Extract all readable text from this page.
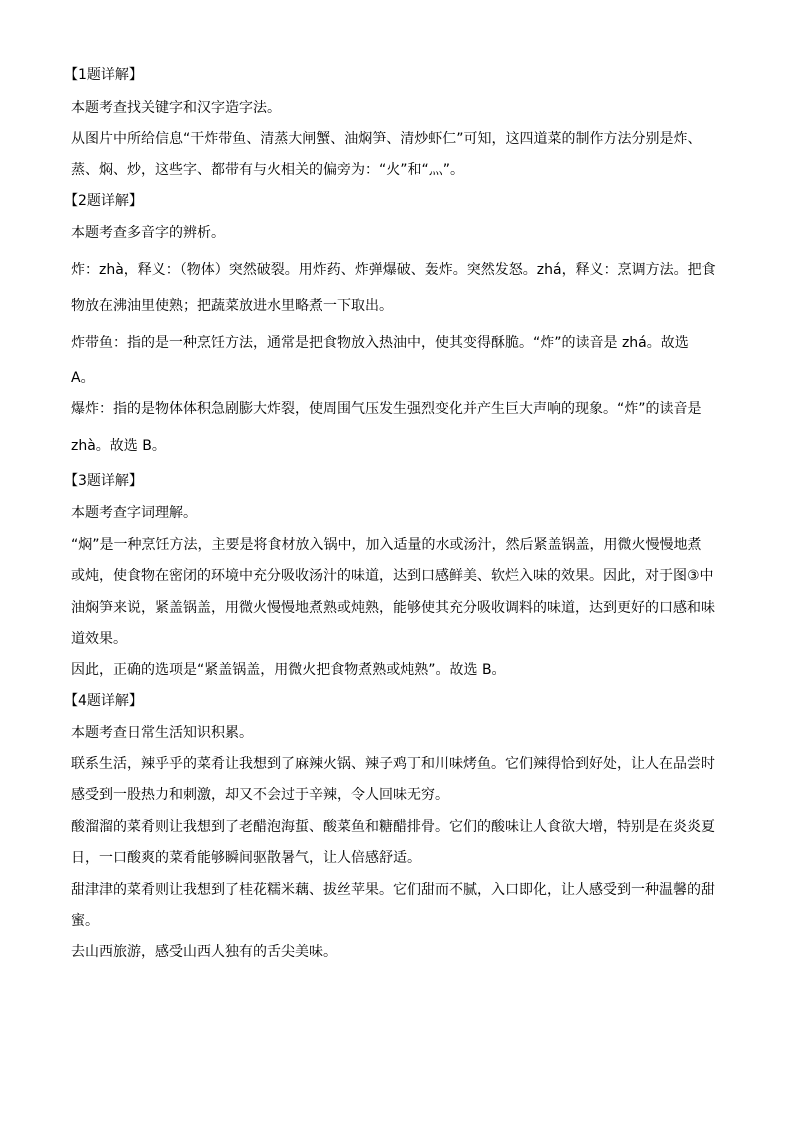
【1题详解】
本题考查找关键字和汉字造字法。
从图片中所给信息“干炸带鱼、清蒸大闸蟹、油焖笋、清炒虾仁”可知，这四道菜的制作方法分别是炸、
蒸、焖、炒，这些字、都带有与火相关的偏旁为：“火”和“灬”。
【2题详解】
本题考查多音字的辨析。
炸：zhà，释义：（物体）突然破裂。用炸药、炸弹爆破、轰炸。突然发怒。zhá，释义：烹调方法。把食
物放在沸油里使熟；把蔬菜放进水里略煮一下取出。
炸带鱼：指的是一种烹饪方法，通常是把食物放入热油中，使其变得酥脆。“炸”的读音是 zhá。故选
A。
爆炸：指的是物体体积急剧膨大炸裂，使周围气压发生强烈变化并产生巨大声响的现象。“炸”的读音是
zhà。故选 B。
【3题详解】
本题考查字词理解。
“焖”是一种烹饪方法，主要是将食材放入锅中，加入适量的水或汤汁，然后紧盖锅盖，用微火慢慢地煮
或炖，使食物在密闭的环境中充分吸收汤汁的味道，达到口感鲜美、软烂入味的效果。因此，对于图③中
油焖笋来说，紧盖锅盖，用微火慢慢地煮熟或炖熟，能够使其充分吸收调料的味道，达到更好的口感和味
道效果。
因此，正确的选项是“紧盖锅盖，用微火把食物煮熟或炖熟”。故选 B。
【4题详解】
本题考查日常生活知识积累。
联系生活，辣乎乎的菜肴让我想到了麻辣火锅、辣子鸡丁和川味烤鱼。它们辣得恰到好处，让人在品尝时
感受到一股热力和刺激，却又不会过于辛辣，令人回味无穷。
酸溜溜的菜肴则让我想到了老醋泡海蜇、酸菜鱼和糖醋排骨。它们的酸味让人食欲大增，特别是在炎炎夏
日，一口酸爽的菜肴能够瞬间驱散暑气，让人倍感舒适。
甜津津的菜肴则让我想到了桂花糯米藕、拔丝苹果。它们甜而不腻，入口即化，让人感受到一种温馨的甜
蜜。
去山西旅游，感受山西人独有的舌尖美味。
